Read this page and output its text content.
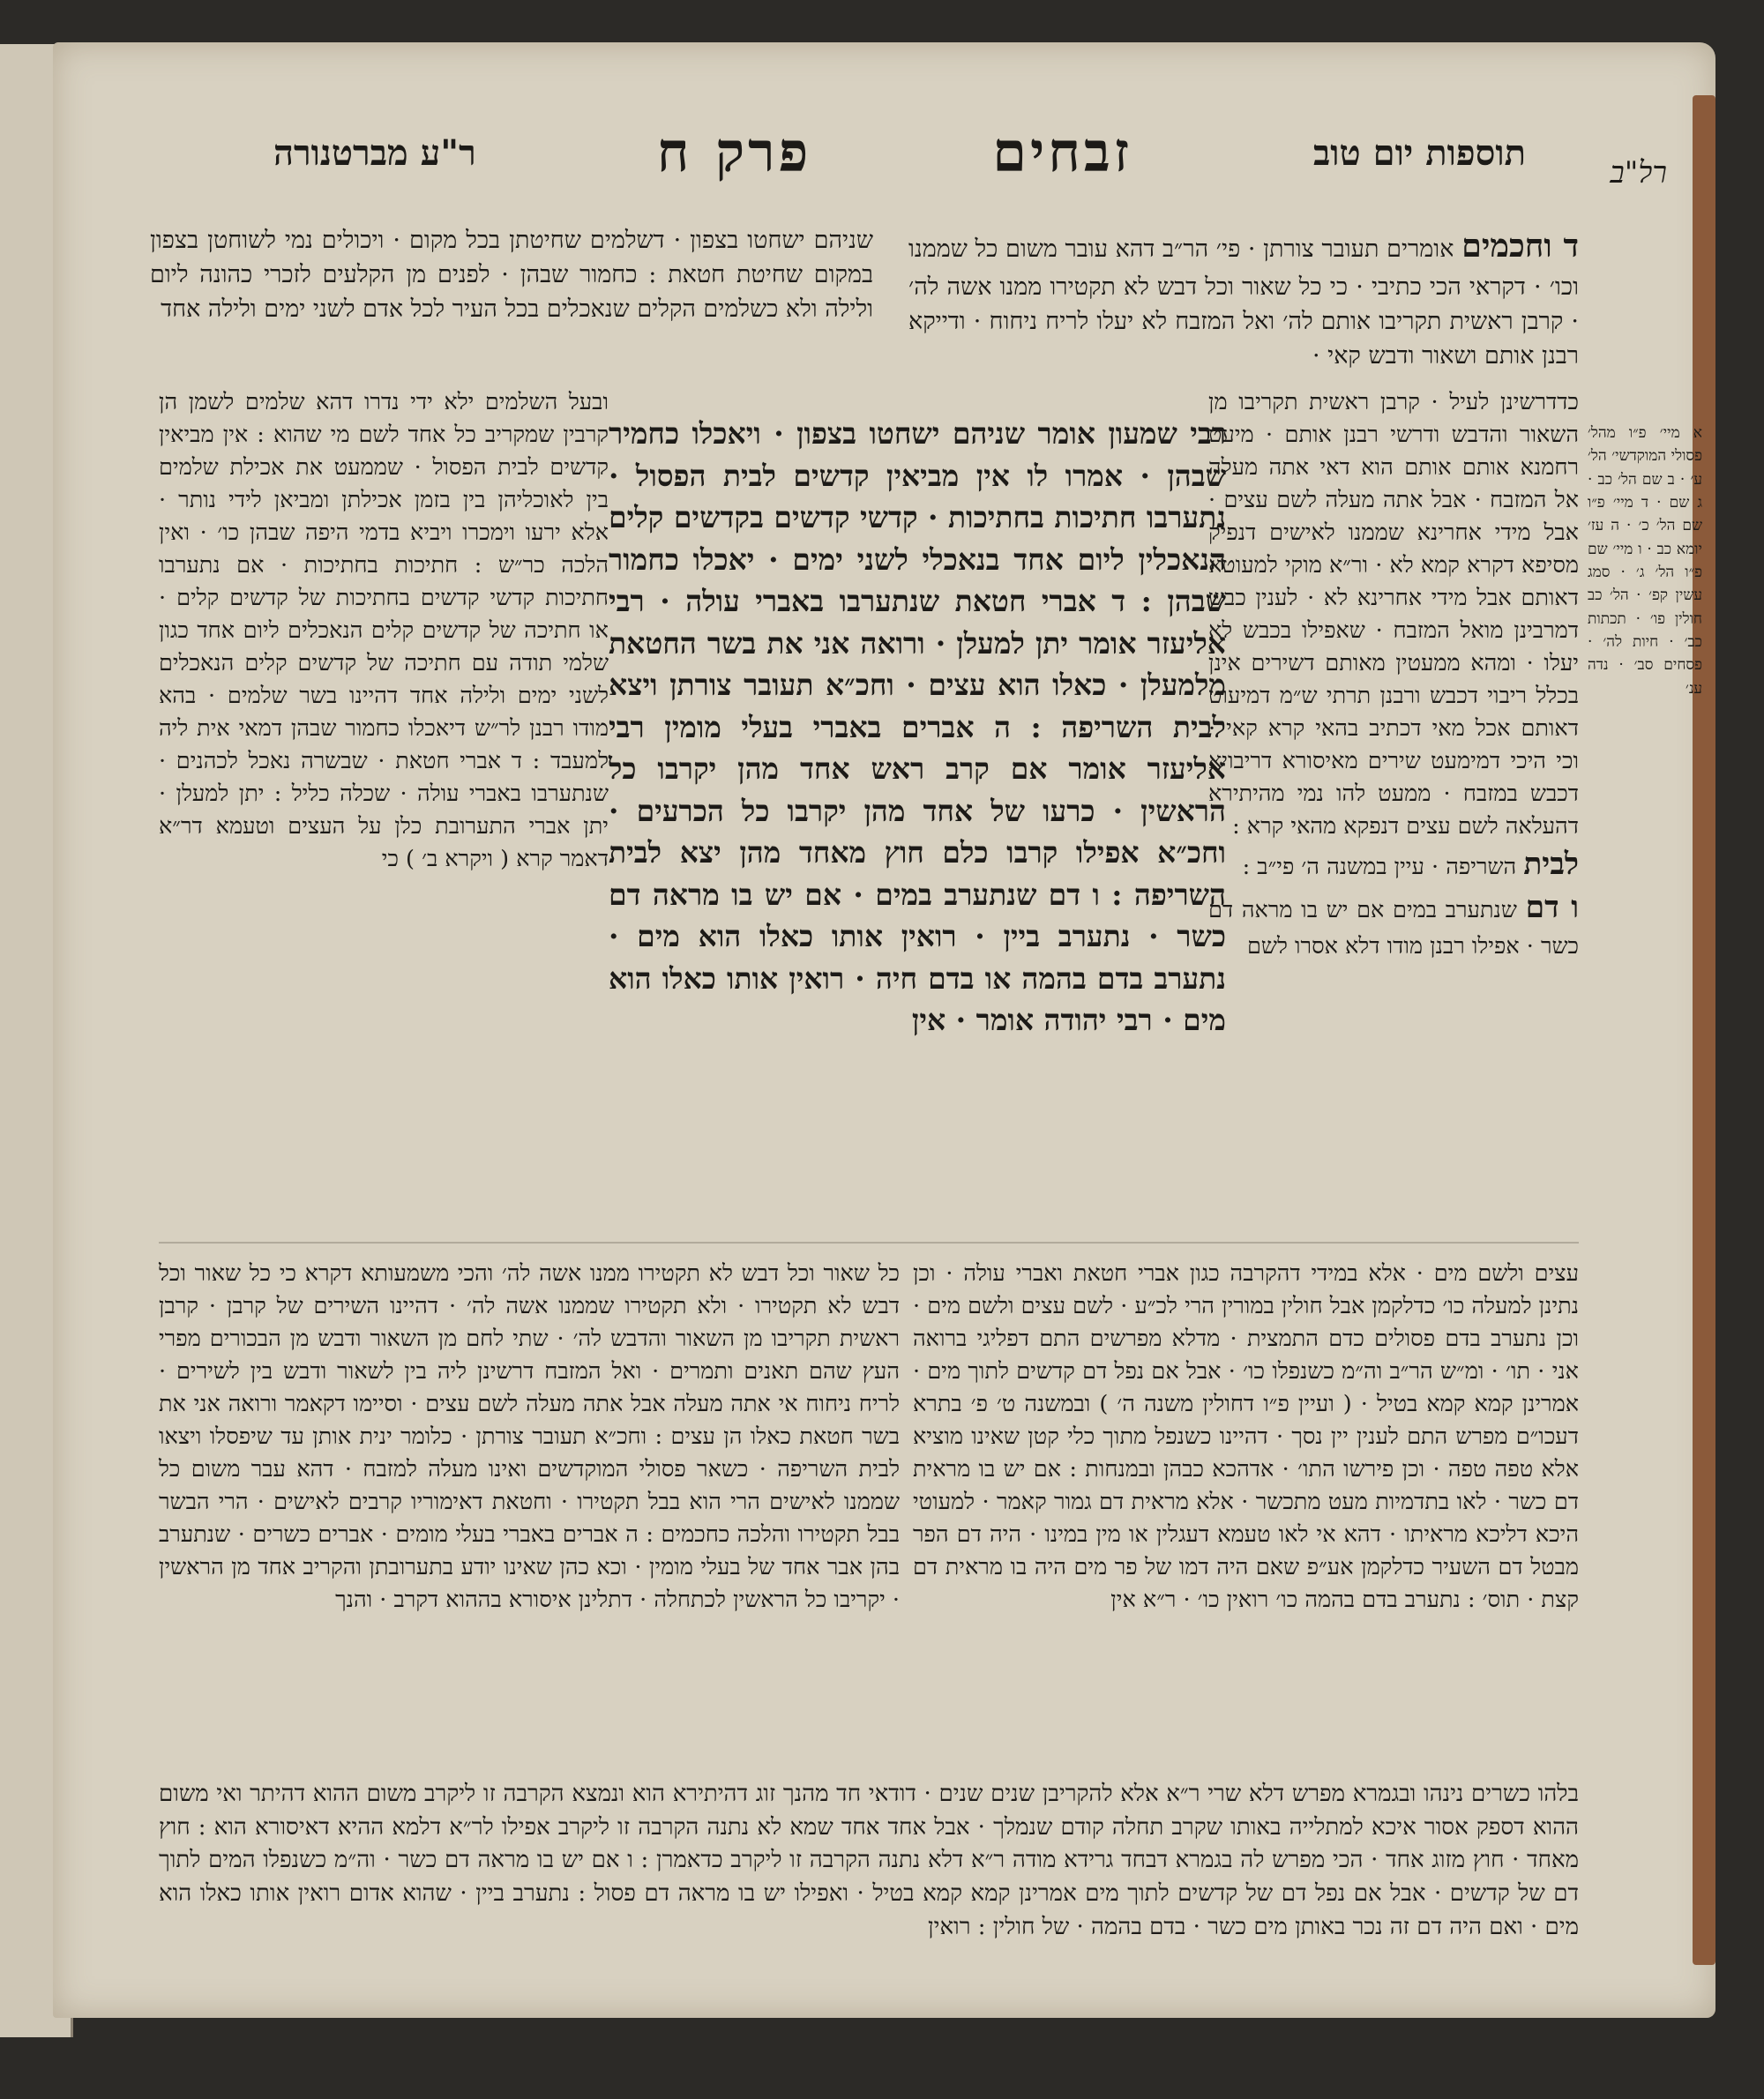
רל"ב
תוספות יום טוב
זבחים
פרק ח
ר"ע מברטנורה
ד וחכמים אומרים תעובר צורתן · פי׳ הר״ב דהא עובר משום כל שממנו וכו׳ · דקראי הכי כתיבי · כי כל שאור וכל דבש לא תקטירו ממנו אשה לה׳ · קרבן ראשית תקריבו אותם לה׳ ואל המזבח לא יעלו לריח ניחוח · ודייקא רבנן אותם ושאור ודבש קאי ·
שניהם ישחטו בצפון · דשלמים שחיטתן בכל מקום · ויכולים נמי לשוחטן בצפון במקום שחיטת חטאת : כחמור שבהן · לפנים מן הקלעים לזכרי כהונה ליום ולילה ולא כשלמים הקלים שנאכלים בכל העיר לכל אדם לשני ימים ולילה אחד
כדדרשינן לעיל · קרבן ראשית תקריבו מן השאור והדבש ודרשי רבנן אותם · מיעט רחמנא אותם אותם הוא דאי אתה מעלה אל המזבח · אבל אתה מעלה לשם עצים · אבל מידי אחרינא שממנו לאישים דנפיק מסיפא דקרא קמא לא · ור״א מוקי למעוטא דאותם אבל מידי אחרינא לא · לענין כבש דמרבינן מואל המזבח · שאפילו בכבש לא יעלו · ומהא ממעטין מאותם דשירים אינן בכלל ריבוי דכבש ורבנן תרתי ש״מ דמיעוט דאותם אכל מאי דכתיב בהאי קרא קאי · וכי היכי דמימעט שירים מאיסורא דריבויא דכבש במזבח · ממעט להו נמי מהיתירא דהעלאה לשם עצים דנפקא מהאי קרא :
לבית השריפה · עיין במשנה ה׳ פי״ב :
ו דם שנתערב במים אם יש בו מראה דם כשר · אפילו רבנן מודו דלא אסרו לשם
רבי שמעון אומר שניהם ישחטו בצפון · ויאכלו כחמיר שבהן · אמרו לו אין מביאין קדשים לבית הפסול · נתערבו חתיכות בחתיכות · קדשי קדשים בקדשים קלים הנאכלין ליום אחד בנאכלי לשני ימים · יאכלו כחמור שבהן : ד אברי חטאת שנתערבו באברי עולה · רבי אליעזר אומר יתן למעלן · ורואה אני את בשר החטאת מלמעלן · כאלו הוא עצים · וחכ״א תעובר צורתן ויצא לבית השריפה : ה אברים באברי בעלי מומין רבי אליעזר אומר אם קרב ראש אחד מהן יקרבו כל הראשין · כרעו של אחד מהן יקרבו כל הכרעים · וחכ״א אפילו קרבו כלם חוץ מאחד מהן יצא לבית השריפה : ו דם שנתערב במים · אם יש בו מראה דם כשר · נתערב ביין · רואין אותו כאלו הוא מים · נתערב בדם בהמה או בדם חיה · רואין אותו כאלו הוא מים · רבי יהודה אומר · אין
ובעל השלמים ילא ידי נדרו דהא שלמים לשמן הן קרבין שמקריב כל אחד לשם מי שהוא : אין מביאין קדשים לבית הפסול · שממעט את אכילת שלמים בין לאוכליהן בין בזמן אכילתן ומביאן לידי נותר · אלא ירעו וימכרו ויביא בדמי היפה שבהן כו׳ · ואין הלכה כר״ש : חתיכות בחתיכות · אם נתערבו חתיכות קדשי קדשים בחתיכות של קדשים קלים · או חתיכה של קדשים קלים הנאכלים ליום אחד כגון שלמי תודה עם חתיכה של קדשים קלים הנאכלים לשני ימים ולילה אחד דהיינו בשר שלמים · בהא מודו רבנן לר״ש דיאכלו כחמור שבהן דמאי אית ליה למעבד : ד אברי חטאת · שבשרה נאכל לכהנים · שנתערבו באברי עולה · שכלה כליל : יתן למעלן · יתן אברי התערובת כלן על העצים וטעמא דר״א דאמר קרא ( ויקרא ב׳ ) כי
א מיי׳ פ״ו מהל׳ פסולי המוקדשי׳ הל׳ ע׳ · ב שם הל׳ כב · ג שם · ד מיי׳ פ״ו שם הל׳ כ׳ · ה עז׳ יומא כב · ו מיי׳ שם פ״ו הל׳ ג׳ · סמג עשין קפ׳ · הל׳ כב חולין פו׳ · תכתות כב׳ · חיות לה׳ · פסחים סב׳ · נדה ענ׳
עצים ולשם מים · אלא במידי דהקרבה כגון אברי חטאת ואברי עולה · וכן נתינן למעלה כו׳ כדלקמן אבל חולין במורין הרי לכ״ע · לשם עצים ולשם מים · וכן נתערב בדם פסולים כדם התמצית · מדלא מפרשים התם דפליגי ברואה אני · תו׳ · ומ״ש הר״ב וה״מ כשנפלו כו׳ · אבל אם נפל דם קדשים לתוך מים · אמרינן קמא קמא בטיל · ( ועיין פ״ו דחולין משנה ה׳ ) ובמשנה ט׳ פ׳ בתרא דעכו״ם מפרש התם לענין יין נסך · דהיינו כשנפל מתוך כלי קטן שאינו מוציא אלא טפה טפה · וכן פירשו התו׳ · אדהכא כבהן ובמנחות : אם יש בו מראית דם כשר · לאו בתדמיות מעט מתכשר · אלא מראית דם גמור קאמר · למעוטי היכא דליכא מראיתו · דהא אי לאו טעמא דעגלין או מין במינו · היה דם הפר מבטל דם השעיר כדלקמן אע״פ שאם היה דמו של פר מים היה בו מראית דם קצת · תוס׳ : נתערב בדם בהמה כו׳ רואין כו׳ · ר״א אין
כל שאור וכל דבש לא תקטירו ממנו אשה לה׳ והכי משמעותא דקרא כי כל שאור וכל דבש לא תקטירו · ולא תקטירו שממנו אשה לה׳ · דהיינו השירים של קרבן · קרבן ראשית תקריבו מן השאור והדבש לה׳ · שתי לחם מן השאור ודבש מן הבכורים מפרי העץ שהם תאנים ותמרים · ואל המזבח דרשינן ליה בין לשאור ודבש בין לשירים · לריח ניחוח אי אתה מעלה אבל אתה מעלה לשם עצים · וסיימו דקאמר ורואה אני את בשר חטאת כאלו הן עצים : וחכ״א תעובר צורתן · כלומר ינית אותן עד שיפסלו ויצאו לבית השריפה · כשאר פסולי המוקדשים ואינו מעלה למזבח · דהא עבר משום כל שממנו לאישים הרי הוא בבל תקטירו · וחטאת דאימוריו קרבים לאישים · הרי הבשר בבל תקטירו והלכה כחכמים : ה אברים באברי בעלי מומים · אברים כשרים · שנתערב בהן אבר אחד של בעלי מומין · וכא כהן שאינו יודע בתערובתן והקריב אחד מן הראשין · יקריבו כל הראשין לכתחלה · דתלינן איסורא בההוא דקרב · והנך
בלהו כשרים נינהו ובגמרא מפרש דלא שרי ר״א אלא להקריבן שנים שנים · דודאי חד מהנך זוג דהיתירא הוא ונמצא הקרבה זו ליקרב משום ההוא דהיתר ואי משום ההוא דספק אסור איכא למתלייה באותו שקרב תחלה קודם שנמלך · אבל אחד אחד שמא לא נתנה הקרבה זו ליקרב אפילו לר״א דלמא ההיא דאיסורא הוא : חוץ מאחד · חוץ מזוג אחד · הכי מפרש לה בגמרא דבחד גרידא מודה ר״א דלא נתנה הקרבה זו ליקרב כדאמרן : ו אם יש בו מראה דם כשר · וה״מ כשנפלו המים לתוך דם של קדשים · אבל אם נפל דם של קדשים לתוך מים אמרינן קמא קמא בטיל · ואפילו יש בו מראה דם פסול : נתערב ביין · שהוא אדום רואין אותו כאלו הוא מים · ואם היה דם זה נכר באותן מים כשר · בדם בהמה · של חולין : רואין
